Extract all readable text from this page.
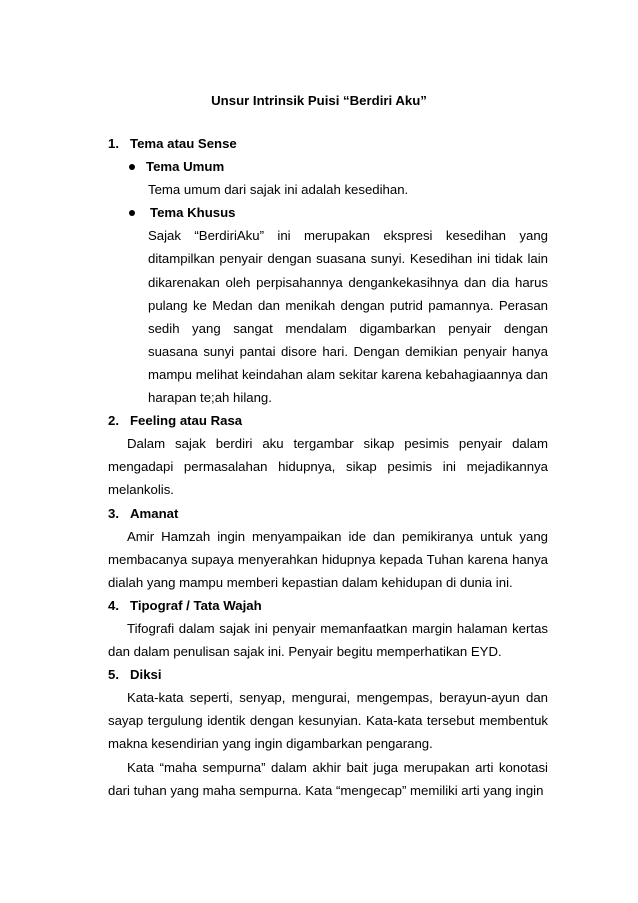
Unsur Intrinsik Puisi “Berdiri Aku”
1. Tema atau Sense
Tema Umum

Tema umum dari sajak ini adalah kesedihan.

Tema Khusus

Sajak “BerdiriAku” ini merupakan ekspresi kesedihan yang ditampilkan penyair dengan suasana sunyi. Kesedihan ini tidak lain dikarenakan oleh perpisahannya dengankekasihnya dan dia harus pulang ke Medan dan menikah dengan putrid pamannya. Perasan sedih yang sangat mendalam digambarkan penyair dengan suasana sunyi pantai disore hari. Dengan demikian penyair hanya mampu melihat keindahan alam sekitar karena kebahagiaannya dan harapan te;ah hilang.

2. Feeling atau Rasa

Dalam sajak berdiri aku tergambar sikap pesimis penyair dalam mengadapi permasalahan hidupnya, sikap pesimis ini mejadikannya melankolis.

3. Amanat

Amir Hamzah ingin menyampaikan ide dan pemikiranya untuk yang membacanya supaya menyerahkan hidupnya kepada Tuhan karena hanya dialah yang mampu memberi kepastian dalam kehidupan di dunia ini.

4. Tipograf / Tata Wajah

Tifografi dalam sajak ini penyair memanfaatkan margin halaman kertas dan dalam penulisan sajak ini. Penyair begitu memperhatikan EYD.

5. Diksi

Kata-kata seperti, senyap, mengurai, mengempas, berayun-ayun dan sayap tergulung identik dengan kesunyian. Kata-kata tersebut membentuk makna kesendirian yang ingin digambarkan pengarang.

Kata “maha sempurna” dalam akhir bait juga merupakan arti konotasi dari tuhan yang maha sempurna. Kata “mengecap” memiliki arti yang ingin
